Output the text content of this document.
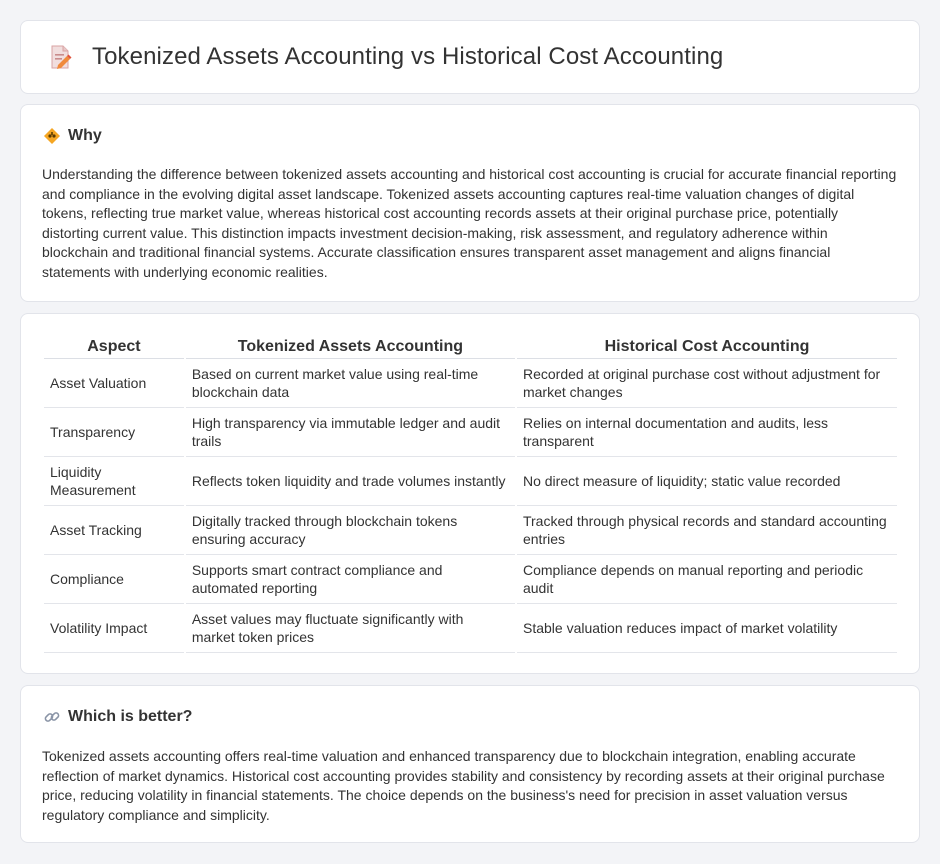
Tokenized Assets Accounting vs Historical Cost Accounting
Why

Understanding the difference between tokenized assets accounting and historical cost accounting is crucial for accurate financial reporting and compliance in the evolving digital asset landscape. Tokenized assets accounting captures real-time valuation changes of digital tokens, reflecting true market value, whereas historical cost accounting records assets at their original purchase price, potentially distorting current value. This distinction impacts investment decision-making, risk assessment, and regulatory adherence within blockchain and traditional financial systems. Accurate classification ensures transparent asset management and aligns financial statements with underlying economic realities.

Aspect	Tokenized Assets Accounting	Historical Cost Accounting
Asset Valuation	Based on current market value using real-time blockchain data	Recorded at original purchase cost without adjustment for market changes
Transparency	High transparency via immutable ledger and audit trails	Relies on internal documentation and audits, less transparent
Liquidity Measurement	Reflects token liquidity and trade volumes instantly	No direct measure of liquidity; static value recorded
Asset Tracking	Digitally tracked through blockchain tokens ensuring accuracy	Tracked through physical records and standard accounting entries
Compliance	Supports smart contract compliance and automated reporting	Compliance depends on manual reporting and periodic audit
Volatility Impact	Asset values may fluctuate significantly with market token prices	Stable valuation reduces impact of market volatility
Which is better?

Tokenized assets accounting offers real-time valuation and enhanced transparency due to blockchain integration, enabling accurate reflection of market dynamics. Historical cost accounting provides stability and consistency by recording assets at their original purchase price, reducing volatility in financial statements. The choice depends on the business's need for precision in asset valuation versus regulatory compliance and simplicity.
